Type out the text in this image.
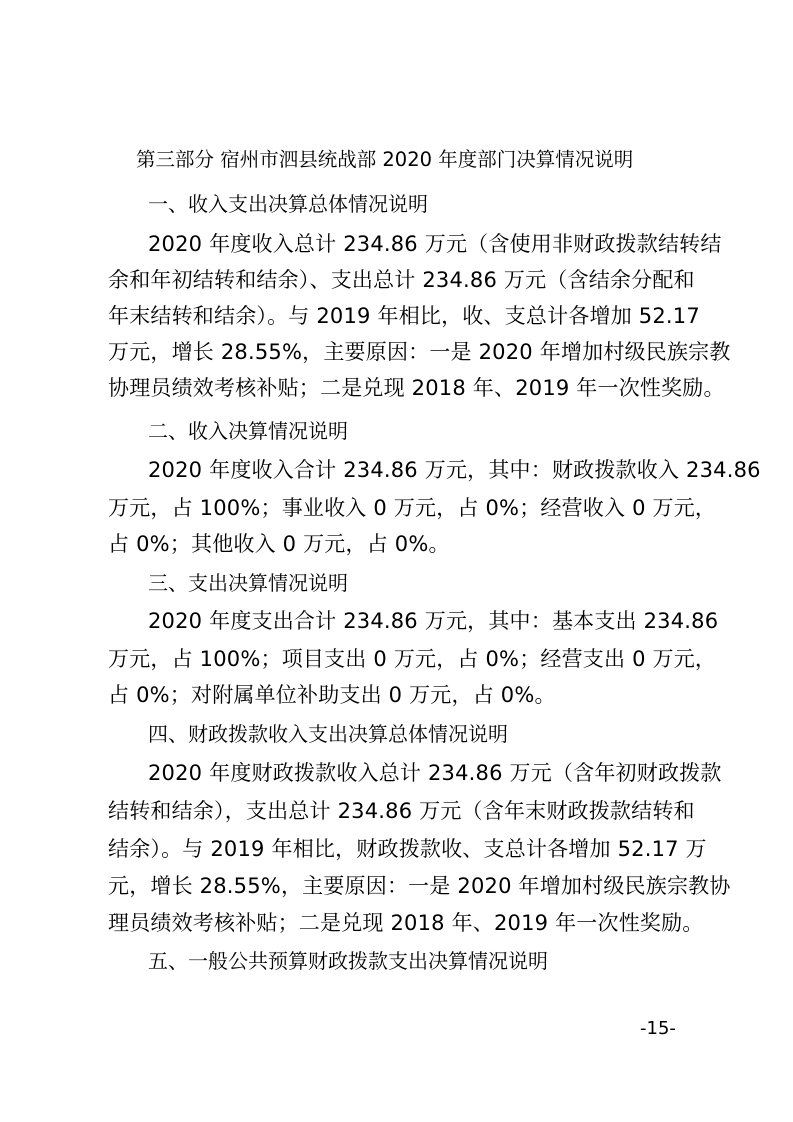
第三部分 宿州市泗县统战部 2020 年度部门决算情况说明
一、收入支出决算总体情况说明
2020 年度收入总计 234.86 万元（含使用非财政拨款结转结
余和年初结转和结余）、支出总计 234.86 万元（含结余分配和
年末结转和结余）。与 2019 年相比，收、支总计各增加 52.17
万元，增长 28.55%，主要原因：一是 2020 年增加村级民族宗教
协理员绩效考核补贴；二是兑现 2018 年、2019 年一次性奖励。
二、收入决算情况说明
2020 年度收入合计 234.86 万元，其中：财政拨款收入 234.86
万元，占 100%；事业收入 0 万元，占 0%；经营收入 0 万元，
占 0%；其他收入 0 万元，占 0%。
三、支出决算情况说明
2020 年度支出合计 234.86 万元，其中：基本支出 234.86
万元，占 100%；项目支出 0 万元，占 0%；经营支出 0 万元，
占 0%；对附属单位补助支出 0 万元，占 0%。
四、财政拨款收入支出决算总体情况说明
2020 年度财政拨款收入总计 234.86 万元（含年初财政拨款
结转和结余），支出总计 234.86 万元（含年末财政拨款结转和
结余）。与 2019 年相比，财政拨款收、支总计各增加 52.17 万
元，增长 28.55%，主要原因：一是 2020 年增加村级民族宗教协
理员绩效考核补贴；二是兑现 2018 年、2019 年一次性奖励。
五、一般公共预算财政拨款支出决算情况说明
-15-
